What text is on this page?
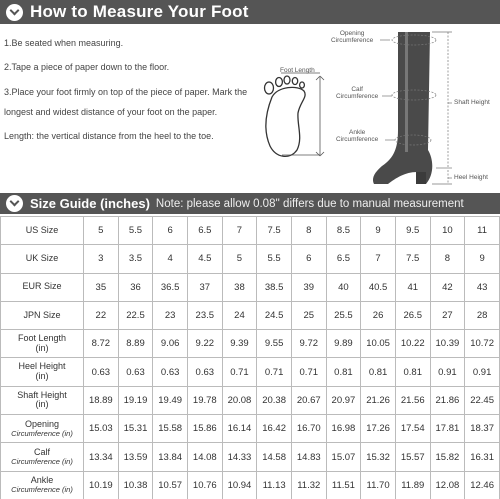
How to Measure Your Foot

1.Be seated when measuring.

2.Tape a piece of paper down to the floor.

3.Place your foot firmly on top of the piece of paper. Mark the longest and widest distance of your foot on the paper.

Length: the vertical distance from the heel to the toe.

Foot Length
Opening
Circumference
Calf
Circumference
Ankle
Circumference
Shaft Height
Heel Height
Size Guide (inches) Note: please allow 0.08'' differs due to manual measurement
US Size	5	5.5	6	6.5	7	7.5	8	8.5	9	9.5	10	11

UK Size	3	3.5	4	4.5	5	5.5	6	6.5	7	7.5	8	9

EUR Size	35	36	36.5	37	38	38.5	39	40	40.5	41	42	43

JPN Size	22	22.5	23	23.5	24	24.5	25	25.5	26	26.5	27	28

Foot Length
(in)	8.72	8.89	9.06	9.22	9.39	9.55	9.72	9.89	10.05	10.22	10.39	10.72

Heel Height
(in)	0.63	0.63	0.63	0.63	0.71	0.71	0.71	0.81	0.81	0.81	0.91	0.91

Shaft Height
(in)	18.89	19.19	19.49	19.78	20.08	20.38	20.67	20.97	21.26	21.56	21.86	22.45

Opening
Circumference (in)	15.03	15.31	15.58	15.86	16.14	16.42	16.70	16.98	17.26	17.54	17.81	18.37

Calf
Circumference (in)	13.34	13.59	13.84	14.08	14.33	14.58	14.83	15.07	15.32	15.57	15.82	16.31

Ankle
Circumference (in)	10.19	10.38	10.57	10.76	10.94	11.13	11.32	11.51	11.70	11.89	12.08	12.46
